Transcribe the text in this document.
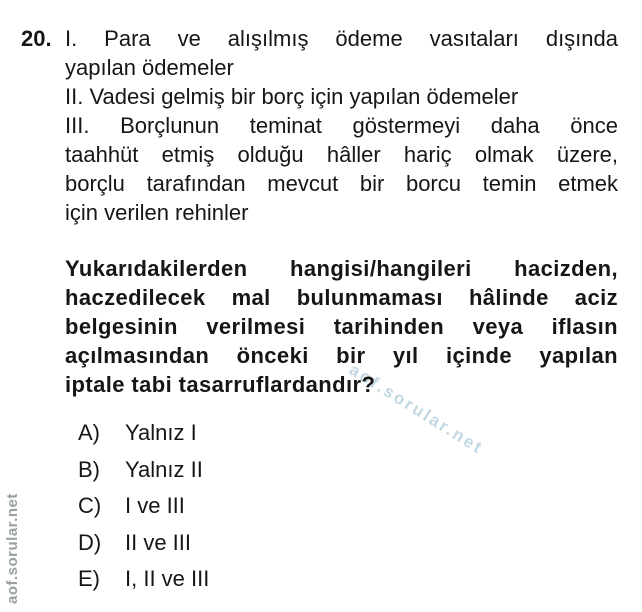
aof.sorular.net
aof.sorular.net
20. I. Para ve alışılmış ödeme vasıtaları dışında
yapılan ödemeler
II. Vadesi gelmiş bir borç için yapılan ödemeler
III. Borçlunun teminat göstermeyi daha önce
taahhüt etmiş olduğu hâller hariç olmak üzere,
borçlu tarafından mevcut bir borcu temin etmek
için verilen rehinler
Yukarıdakilerden hangisi/hangileri hacizden,
haczedilecek mal bulunmaması hâlinde aciz
belgesinin verilmesi tarihinden veya iflasın
açılmasından önceki bir yıl içinde yapılan
iptale tabi tasarruflardandır?
A)	Yalnız I
B)	Yalnız II
C)	I ve III
D)	II ve III
E)	I, II ve III
